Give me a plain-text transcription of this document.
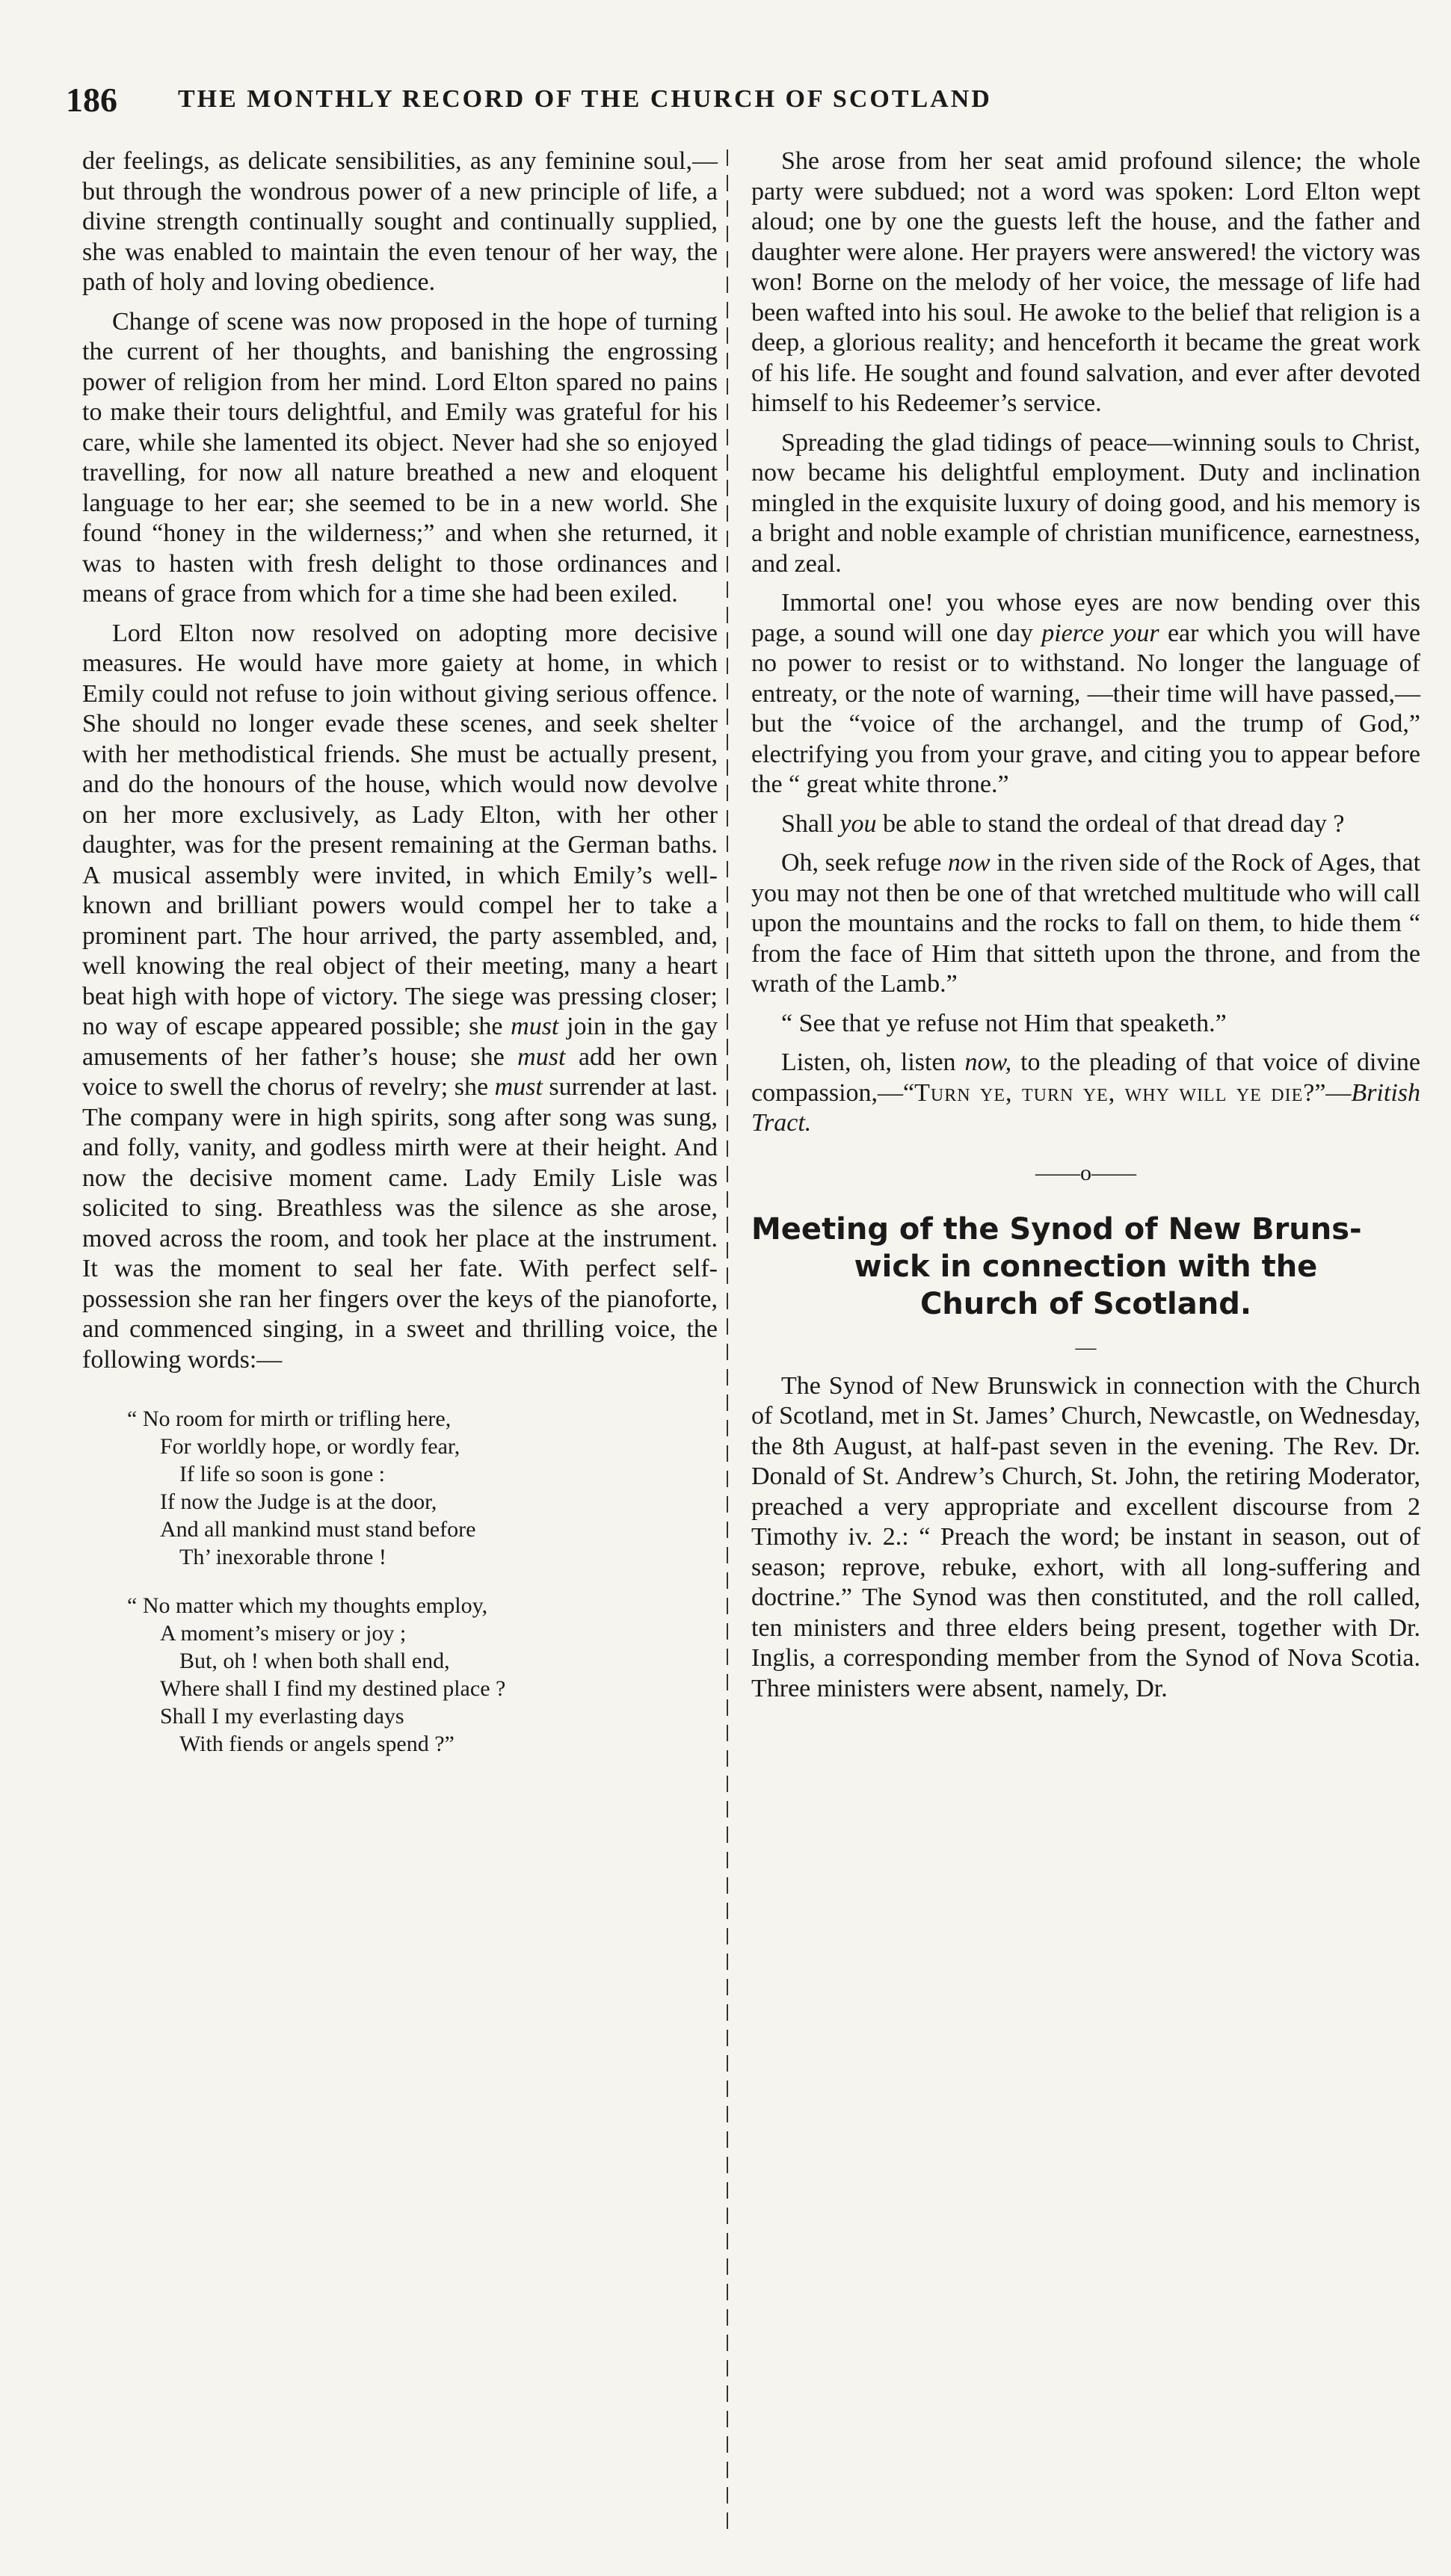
186	THE MONTHLY RECORD OF THE CHURCH OF SCOTLAND

der feelings, as delicate sensibilities, as any feminine soul,—but through the wondrous power of a new principle of life, a divine strength continually sought and continually supplied, she was enabled to maintain the even tenour of her way, the path of holy and loving obedience.

Change of scene was now proposed in the hope of turning the current of her thoughts, and banishing the engrossing power of religion from her mind. Lord Elton spared no pains to make their tours delightful, and Emily was grateful for his care, while she lamented its object. Never had she so enjoyed travelling, for now all nature breathed a new and eloquent language to her ear; she seemed to be in a new world. She found “honey in the wilderness;” and when she returned, it was to hasten with fresh delight to those ordinances and means of grace from which for a time she had been exiled.

Lord Elton now resolved on adopting more decisive measures. He would have more gaiety at home, in which Emily could not refuse to join without giving serious offence. She should no longer evade these scenes, and seek shelter with her methodistical friends. She must be actually present, and do the honours of the house, which would now devolve on her more exclusively, as Lady Elton, with her other daughter, was for the present remaining at the German baths. A musical assembly were invited, in which Emily’s well-known and brilliant powers would compel her to take a prominent part. The hour arrived, the party assembled, and, well knowing the real object of their meeting, many a heart beat high with hope of victory. The siege was pressing closer; no way of escape appeared possible; she must join in the gay amusements of her father’s house; she must add her own voice to swell the chorus of revelry; she must surrender at last. The company were in high spirits, song after song was sung, and folly, vanity, and godless mirth were at their height. And now the decisive moment came. Lady Emily Lisle was solicited to sing. Breathless was the silence as she arose, moved across the room, and took her place at the instrument. It was the moment to seal her fate. With perfect self-possession she ran her fingers over the keys of the pianoforte, and commenced singing, in a sweet and thrilling voice, the following words:—

“ No room for mirth or trifling here,
For worldly hope, or wordly fear,
If life so soon is gone :
If now the Judge is at the door,
And all mankind must stand before
Th’ inexorable throne !
“ No matter which my thoughts employ,
A moment’s misery or joy ;
But, oh ! when both shall end,
Where shall I find my destined place ?
Shall I my everlasting days
With fiends or angels spend ?”

She arose from her seat amid profound silence; the whole party were subdued; not a word was spoken: Lord Elton wept aloud; one by one the guests left the house, and the father and daughter were alone. Her prayers were answered! the victory was won! Borne on the melody of her voice, the message of life had been wafted into his soul. He awoke to the belief that religion is a deep, a glorious reality; and henceforth it became the great work of his life. He sought and found salvation, and ever after devoted himself to his Redeemer’s service.

Spreading the glad tidings of peace—winning souls to Christ, now became his delightful employment. Duty and inclination mingled in the exquisite luxury of doing good, and his memory is a bright and noble example of christian munificence, earnestness, and zeal.

Immortal one! you whose eyes are now bending over this page, a sound will one day pierce your ear which you will have no power to resist or to withstand. No longer the language of entreaty, or the note of warning, —their time will have passed,—but the “voice of the archangel, and the trump of God,” electrifying you from your grave, and citing you to appear before the “ great white throne.”

Shall you be able to stand the ordeal of that dread day ?

Oh, seek refuge now in the riven side of the Rock of Ages, that you may not then be one of that wretched multitude who will call upon the mountains and the rocks to fall on them, to hide them “ from the face of Him that sitteth upon the throne, and from the wrath of the Lamb.”

“ See that ye refuse not Him that speaketh.”

Listen, oh, listen now, to the pleading of that voice of divine compassion,—“Turn ye, turn ye, why will ye die?”—British Tract.

——o——
Meeting of the Synod of New Bruns-
wick in connection with the
Church of Scotland.
—

The Synod of New Brunswick in connection with the Church of Scotland, met in St. James’ Church, Newcastle, on Wednesday, the 8th August, at half-past seven in the evening. The Rev. Dr. Donald of St. Andrew’s Church, St. John, the retiring Moderator, preached a very appropriate and excellent discourse from 2 Timothy iv. 2.: “ Preach the word; be instant in season, out of season; reprove, rebuke, exhort, with all long-suffering and doctrine.” The Synod was then constituted, and the roll called, ten ministers and three elders being present, together with Dr. Inglis, a corresponding member from the Synod of Nova Scotia. Three ministers were absent, namely, Dr.
